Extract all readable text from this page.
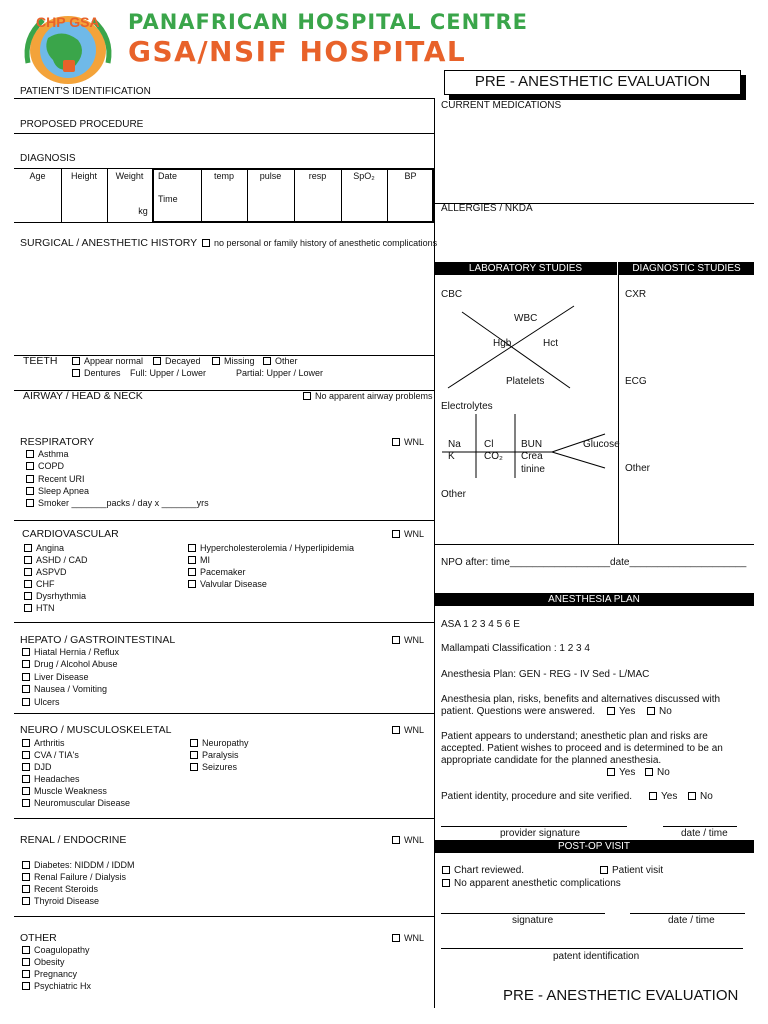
CHP GSA PANAFRICAN HOSPITAL CENTRE
GSA/NSIF HOSPITAL
PRE - ANESTHETIC EVALUATION
PATIENT'S IDENTIFICATION
PROPOSED PROCEDURE
DIAGNOSIS
Age	Height	Weight
kg
Date
Time
temp	pulse	resp	SpO₂	BP
SURGICAL / ANESTHETIC HISTORY	no personal or family history of anesthetic complications
TEETH	Appear normal	Decayed	Missing	Other
Dentures Full: Upper / Lower	Partial: Upper / Lower
AIRWAY / HEAD & NECK	No apparent airway problems
RESPIRATORY	WNL
Asthma
COPD
Recent URI
Sleep Apnea
Smoker _______packs / day x _______yrs
CARDIOVASCULAR	WNL
Angina
ASHD / CAD
ASPVD
CHF
Dysrhythmia
HTN
Hypercholesterolemia / Hyperlipidemia
MI
Pacemaker
Valvular Disease
HEPATO / GASTROINTESTINAL	WNL
Hiatal Hernia / Reflux
Drug / Alcohol Abuse
Liver Disease
Nausea / Vomiting
Ulcers
NEURO / MUSCULOSKELETAL	WNL
Arthritis
CVA / TIA's
DJD
Headaches
Muscle Weakness
Neuromuscular Disease
Neuropathy
Paralysis
Seizures
RENAL / ENDOCRINE	WNL
Diabetes: NIDDM / IDDM
Renal Failure / Dialysis
Recent Steroids
Thyroid Disease
OTHER	WNL
Coagulopathy
Obesity
Pregnancy
Psychiatric Hx
CURRENT MEDICATIONS
ALLERGIES / NKDA
LABORATORY STUDIES	DIAGNOSTIC STUDIES
CBC
WBC
Hgb	Hct
Platelets
Electrolytes
Na Cl	BUN	Glucose
K	CO₂ Crea
tinine
Other
CXR
ECG
Other
NPO after: time__________________date_____________________
ANESTHESIA PLAN
ASA 1 2 3 4 5 6 E
Mallampati Classification : 1 2 3 4
Anesthesia Plan: GEN - REG - IV Sed - L/MAC
Anesthesia plan, risks, benefits and alternatives discussed with
patient. Questions were answered.	Yes	No
Patient appears to understand; anesthetic plan and risks are
accepted. Patient wishes to proceed and is determined to be an
appropriate candidate for the planned anesthesia.
Yes	No
Patient identity, procedure and site verified.	Yes	No
provider signature	date / time
POST-OP VISIT
Chart reviewed.	Patient visit
No apparent anesthetic complications
signature	date / time
patent identification
PRE - ANESTHETIC EVALUATION
